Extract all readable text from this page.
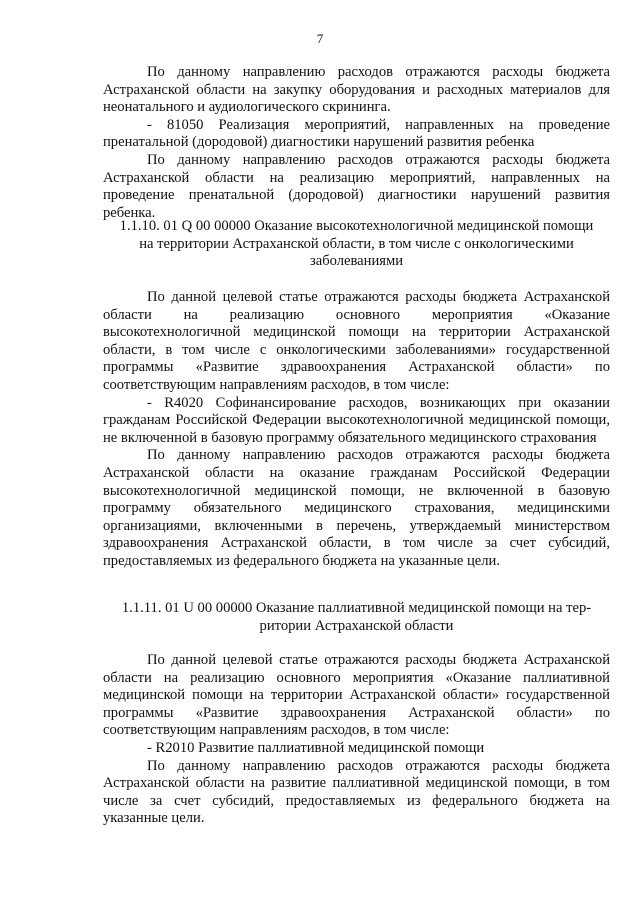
7

По данному направлению расходов отражаются расходы бюджета Астраханской области на закупку оборудования и расходных материалов для неонатального и аудиологического скрининга.

- 81050 Реализация мероприятий, направленных на проведение пренатальной (дородовой) диагностики нарушений развития ребенка

По данному направлению расходов отражаются расходы бюджета Астраханской области на реализацию мероприятий, направленных на проведение пренатальной (дородовой) диагностики нарушений развития ребенка.

1.1.10. 01 Q 00 00000 Оказание высокотехнологичной медицинской помощи

на территории Астраханской области, в том числе с онкологическими

заболеваниями

По данной целевой статье отражаются расходы бюджета Астраханской области на реализацию основного мероприятия «Оказание высокотехнологичной медицинской помощи на территории Астраханской области, в том числе с онкологическими заболеваниями» государственной программы «Развитие здравоохранения Астраханской области» по соответствующим направлениям расходов, в том числе:

- R4020 Софинансирование расходов, возникающих при оказании гражданам Российской Федерации высокотехнологичной медицинской помощи, не включенной в базовую программу обязательного медицинского страхования

По данному направлению расходов отражаются расходы бюджета Астраханской области на оказание гражданам Российской Федерации высокотехнологичной медицинской помощи, не включенной в базовую программу обязательного медицинского страхования, медицинскими организациями, включенными в перечень, утверждаемый министерством здравоохранения Астраханской области, в том числе за счет субсидий, предоставляемых из федерального бюджета на указанные цели.

1.1.11. 01 U 00 00000 Оказание паллиативной медицинской помощи на тер-

ритории Астраханской области

По данной целевой статье отражаются расходы бюджета Астраханской области на реализацию основного мероприятия «Оказание паллиативной медицинской помощи на территории Астраханской области» государственной программы «Развитие здравоохранения Астраханской области» по соответствующим направлениям расходов, в том числе:

- R2010 Развитие паллиативной медицинской помощи

По данному направлению расходов отражаются расходы бюджета Астраханской области на развитие паллиативной медицинской помощи, в том числе за счет субсидий, предоставляемых из федерального бюджета на указанные цели.
